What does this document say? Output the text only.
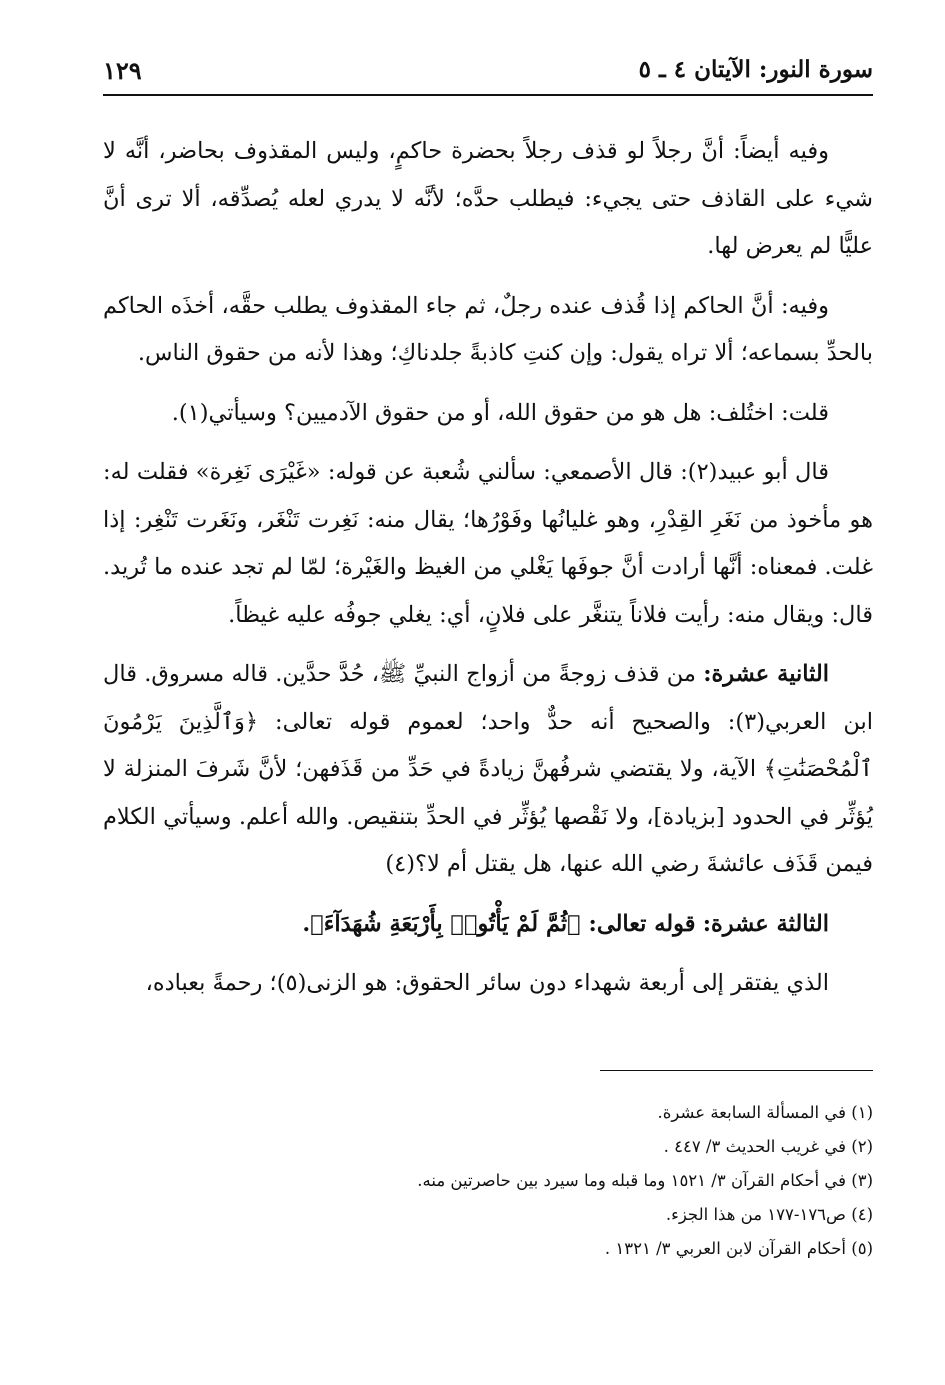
سورة النور: الآيتان ٤ ـ ٥
١٢٩

وفيه أيضاً: أنَّ رجلاً لو قذف رجلاً بحضرة حاكمٍ، وليس المقذوف بحاضر، أنَّه لا شيء على القاذف حتى يجيء: فيطلب حدَّه؛ لأنَّه لا يدري لعله يُصدِّقه، ألا ترى أنَّ عليًّا لم يعرض لها.

وفيه: أنَّ الحاكم إذا قُذف عنده رجلٌ، ثم جاء المقذوف يطلب حقَّه، أخذَه الحاكم بالحدِّ بسماعه؛ ألا تراه يقول: وإن كنتِ كاذبةً جلدناكِ؛ وهذا لأنه من حقوق الناس.

قلت: اختُلف: هل هو من حقوق الله، أو من حقوق الآدميين؟ وسيأتي(١).

قال أبو عبيد(٢): قال الأصمعي: سألني شُعبة عن قوله: «غَيْرَى نَغِرة» فقلت له: هو مأخوذ من نَغَرِ القِدْرِ، وهو غليانُها وفَوْرُها؛ يقال منه: نَغِرت تَنْغَر، ونَغَرت تَنْغِر: إذا غلت. فمعناه: أنَّها أرادت أنَّ جوفَها يَغْلي من الغيظ والغَيْرة؛ لمّا لم تجد عنده ما تُريد. قال: ويقال منه: رأيت فلاناً يتنغَّر على فلانٍ، أي: يغلي جوفُه عليه غيظاً.

الثانية عشرة: من قذف زوجةً من أزواج النبيِّ ﷺ، حُدَّ حدَّين. قاله مسروق. قال ابن العربي(٣): والصحيح أنه حدٌّ واحد؛ لعموم قوله تعالى: ﴿وَٱلَّذِينَ يَرْمُونَ ٱلْمُحْصَنَٰتِ﴾ الآية، ولا يقتضي شرفُهنَّ زيادةً في حَدِّ من قَذَفهن؛ لأنَّ شَرفَ المنزلة لا يُؤثِّر في الحدود [بزيادة]، ولا نَقْصها يُؤثِّر في الحدِّ بتنقيص. والله أعلم. وسيأتي الكلام فيمن قَذَف عائشةَ رضي الله عنها، هل يقتل أم لا؟(٤)

الثالثة عشرة: قوله تعالى: ﴿ثُمَّ لَمْ يَأْتُوا۟ بِأَرْبَعَةِ شُهَدَآءَ﴾.

الذي يفتقر إلى أربعة شهداء دون سائر الحقوق: هو الزنى(٥)؛ رحمةً بعباده،

(١) في المسألة السابعة عشرة.
(٢) في غريب الحديث ٣/ ٤٤٧ .
(٣) في أحكام القرآن ٣/ ١٥٢١ وما قبله وما سيرد بين حاصرتين منه.
(٤) ص١٧٦-١٧٧ من هذا الجزء.
(٥) أحكام القرآن لابن العربي ٣/ ١٣٢١ .
